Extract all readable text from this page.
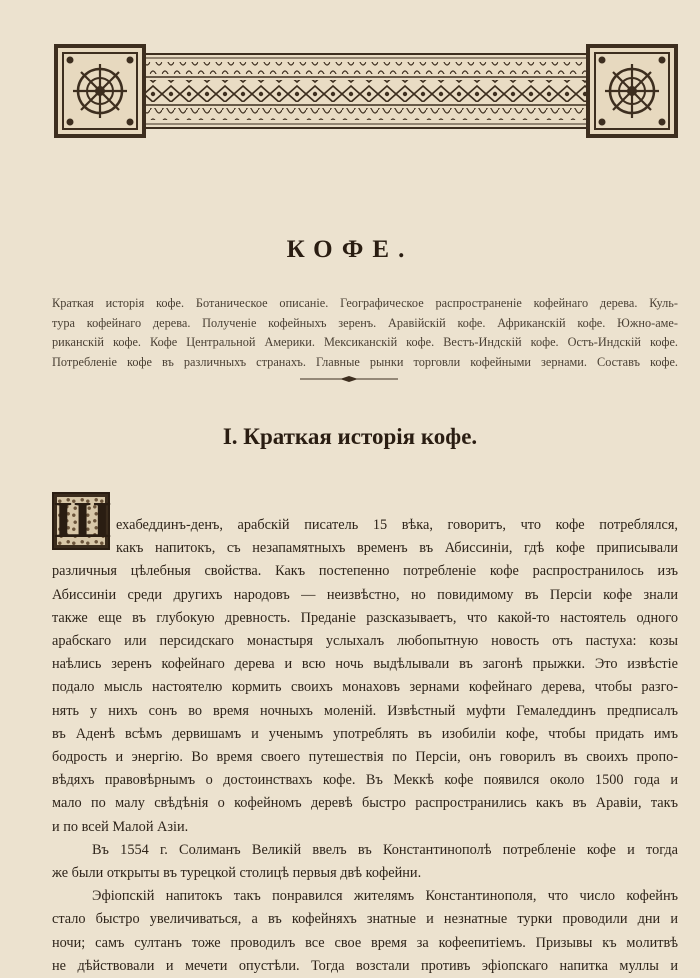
КОФЕ.
Краткая исторія кофе. Ботаническое описаніе. Географическое распространеніе кофейнаго дерева. Куль-
тура кофейнаго дерева. Полученіе кофейныхъ зеренъ. Аравійскій кофе. Африканскій кофе. Южно-аме-
риканскій кофе. Кофе Центральной Америки. Мексиканскій кофе. Вестъ-Индскій кофе. Остъ-Индскій кофе.
Потребленіе кофе въ различныхъ странахъ. Главные рынки торговли кофейными зернами. Составъ кофе.
I. Краткая исторія кофе.
Ш ехабеддинъ-денъ, арабскій писатель 15 вѣка, говоритъ, что кофе потреблялся,
какъ напитокъ, съ незапамятныхъ временъ въ Абиссиніи, гдѣ кофе приписывали
различныя цѣлебныя свойства. Какъ постепенно потребленіе кофе распространилось изъ
Абиссиніи среди другихъ народовъ — неизвѣстно, но повидимому въ Персіи кофе знали
также еще въ глубокую древность. Преданіе разсказываетъ, что какой-то настоятель одного
арабскаго или персидскаго монастыря услыхалъ любопытную новость отъ пастуха: козы
наѣлись зеренъ кофейнаго дерева и всю ночь выдѣлывали въ загонѣ прыжки. Это извѣстіе
подало мысль настоятелю кормить своихъ монаховъ зернами кофейнаго дерева, чтобы разго-
нять у нихъ сонъ во время ночныхъ моленій. Извѣстный муфти Гемаледдинъ предписалъ
въ Аденѣ всѣмъ дервишамъ и ученымъ употреблять въ изобиліи кофе, чтобы придать имъ
бодрость и энергію. Во время своего путешествія по Персіи, онъ говорилъ въ своихъ пропо-
вѣдяхъ правовѣрнымъ о достоинствахъ кофе. Въ Меккѣ кофе появился около 1500 года и
мало по малу свѣдѣнія о кофейномъ деревѣ быстро распространились какъ въ Аравіи, такъ
и по всей Малой Азіи.
Въ 1554 г. Солиманъ Великій ввелъ въ Константинополѣ потребленіе кофе и тогда
же были открыты въ турецкой столицѣ первыя двѣ кофейни.
Эфіопскій напитокъ такъ понравился жителямъ Константинополя, что число кофейнъ
стало быстро увеличиваться, а въ кофейняхъ знатные и незнатные турки проводили дни и
ночи; самъ султанъ тоже проводилъ все свое время за кофеепитіемъ. Призывы къ молитвѣ
не дѣйствовали и мечети опустѣли. Тогда возстали противъ эфіопскаго напитка муллы и
